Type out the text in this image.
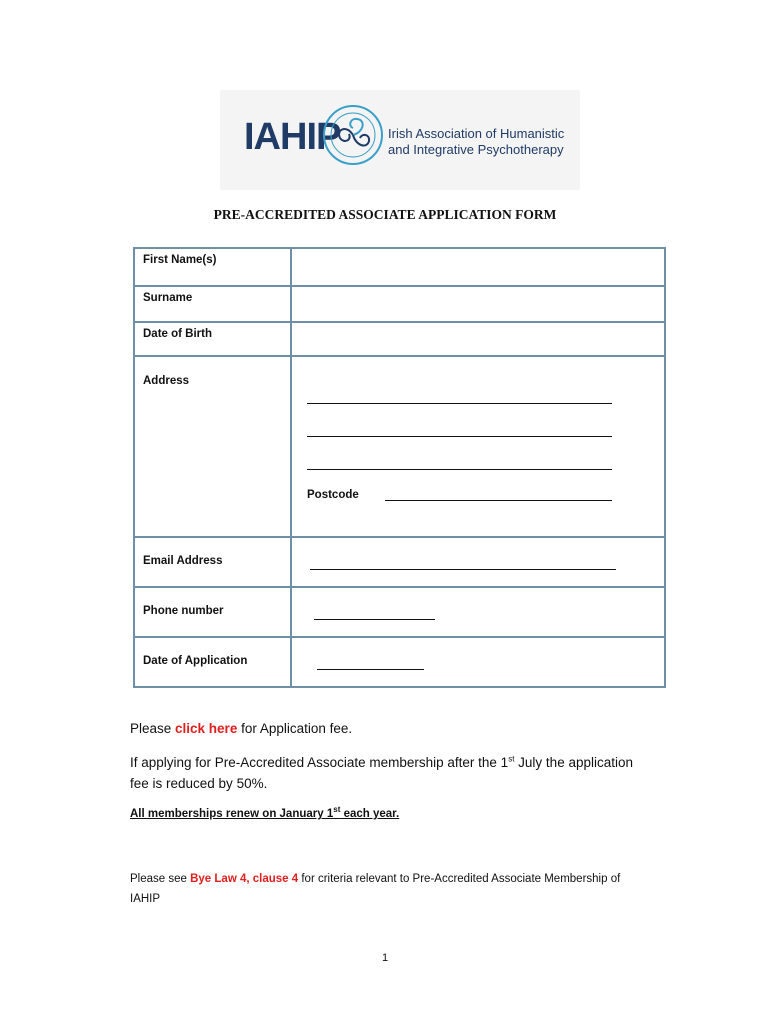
IAHIP	Irish Association of Humanistic
and Integrative Psychotherapy
PRE-ACCREDITED ASSOCIATE APPLICATION FORM
First Name(s)
Surname
Date of Birth
Address
Postcode
Email Address
Phone number
Date of Application
Please click here for Application fee.
If applying for Pre-Accredited Associate membership after the 1st July the application
fee is reduced by 50%.
All memberships renew on January 1st each year.
Please see Bye Law 4, clause 4 for criteria relevant to Pre-Accredited Associate Membership of
IAHIP
1
